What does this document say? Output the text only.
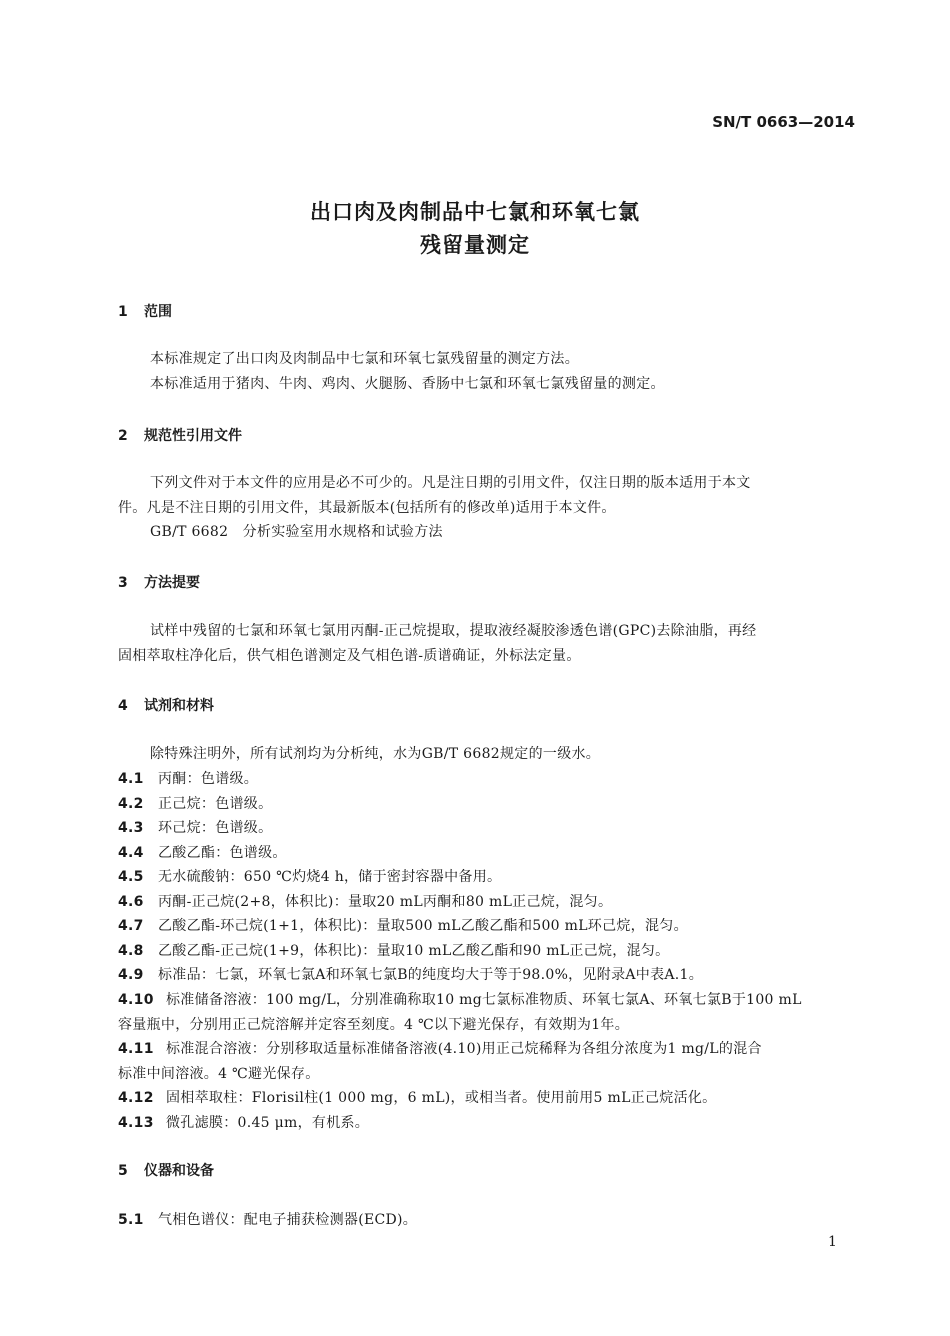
SN/T 0663—2014
出口肉及肉制品中七氯和环氧七氯
残留量测定
1 范围
本标准规定了出口肉及肉制品中七氯和环氧七氯残留量的测定方法。
本标准适用于猪肉、牛肉、鸡肉、火腿肠、香肠中七氯和环氧七氯残留量的测定。
2 规范性引用文件
下列文件对于本文件的应用是必不可少的。凡是注日期的引用文件，仅注日期的版本适用于本文
件。凡是不注日期的引用文件，其最新版本(包括所有的修改单)适用于本文件。
GB/T 6682　分析实验室用水规格和试验方法
3 方法提要
试样中残留的七氯和环氧七氯用丙酮-正己烷提取，提取液经凝胶渗透色谱(GPC)去除油脂，再经
固相萃取柱净化后，供气相色谱测定及气相色谱-质谱确证，外标法定量。
4 试剂和材料
除特殊注明外，所有试剂均为分析纯，水为GB/T 6682规定的一级水。
4.1 丙酮：色谱级。
4.2 正己烷：色谱级。
4.3 环己烷：色谱级。
4.4 乙酸乙酯：色谱级。
4.5 无水硫酸钠：650 ℃灼烧4 h，储于密封容器中备用。
4.6 丙酮-正己烷(2+8，体积比)：量取20 mL丙酮和80 mL正己烷，混匀。
4.7 乙酸乙酯-环己烷(1+1，体积比)：量取500 mL乙酸乙酯和500 mL环己烷，混匀。
4.8 乙酸乙酯-正己烷(1+9，体积比)：量取10 mL乙酸乙酯和90 mL正己烷，混匀。
4.9 标准品：七氯，环氧七氯A和环氧七氯B的纯度均大于等于98.0%，见附录A中表A.1。
4.10 标准储备溶液：100 mg/L，分别准确称取10 mg七氯标准物质、环氧七氯A、环氧七氯B于100 mL
容量瓶中，分别用正己烷溶解并定容至刻度。4 ℃以下避光保存，有效期为1年。
4.11 标准混合溶液：分别移取适量标准储备溶液(4.10)用正己烷稀释为各组分浓度为1 mg/L的混合
标准中间溶液。4 ℃避光保存。
4.12 固相萃取柱：Florisil柱(1 000 mg，6 mL)，或相当者。使用前用5 mL正己烷活化。
4.13 微孔滤膜：0.45 μm，有机系。
5 仪器和设备
5.1 气相色谱仪：配电子捕获检测器(ECD)。
1
